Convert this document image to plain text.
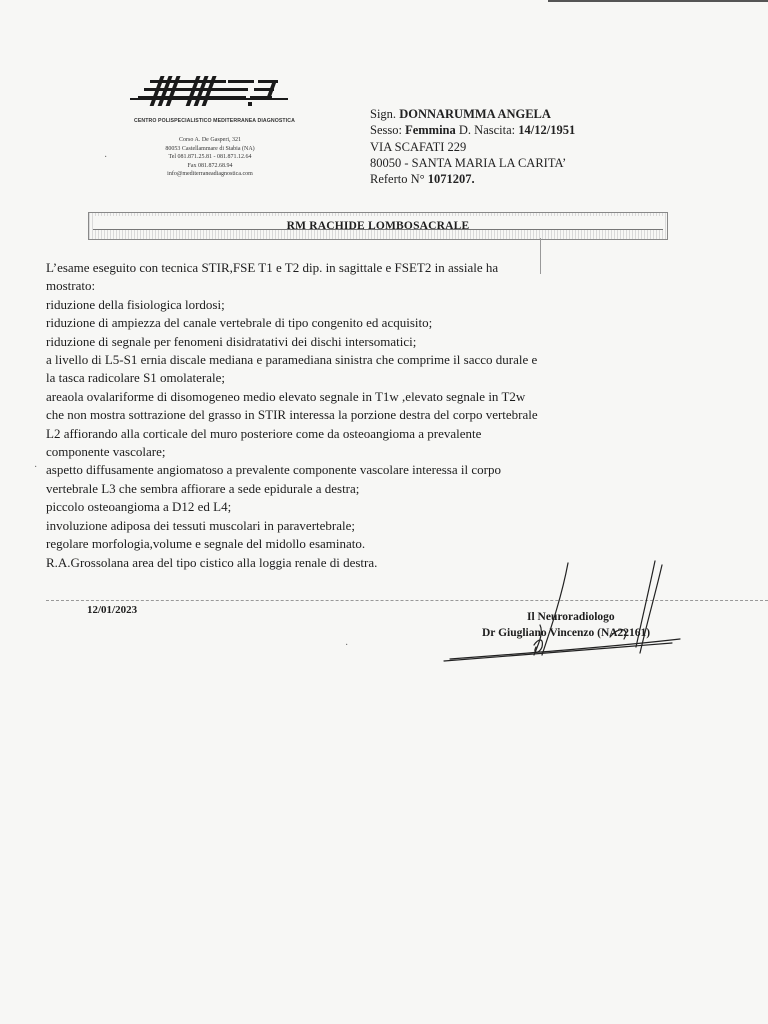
CENTRO POLISPECIALISTICO MEDITERRANEA DIAGNOSTICA
Corso A. De Gasperi, 321
80053 Castellammare di Stabia (NA)
Tel 081.871.25.81 - 081.871.12.64
Fax 081.872.68.94
info@mediterraneadiagnostica.com
Sign. DONNARUMMA ANGELA
Sesso: Femmina D. Nascita: 14/12/1951
VIA SCAFATI 229
80050 - SANTA MARIA LA CARITA’
Referto N° 1071207.
RM RACHIDE LOMBOSACRALE
L’esame eseguito con tecnica STIR,FSE T1 e T2 dip. in sagittale e FSET2 in assiale ha
mostrato:
riduzione della fisiologica lordosi;
riduzione di ampiezza del canale vertebrale di tipo congenito ed acquisito;
riduzione di segnale per fenomeni disidratativi dei dischi intersomatici;
a livello di L5-S1 ernia discale mediana e paramediana sinistra che comprime il sacco durale e
la tasca radicolare S1 omolaterale;
areaola ovalariforme di disomogeneo medio elevato segnale in T1w ,elevato segnale in T2w
che non mostra sottrazione del grasso in STIR interessa la porzione destra del corpo vertebrale
L2 affiorando alla corticale del muro posteriore come da osteoangioma a prevalente
componente vascolare;
aspetto diffusamente angiomatoso a prevalente componente vascolare interessa il corpo
vertebrale L3 che sembra affiorare a sede epidurale a destra;
piccolo osteoangioma a D12 ed L4;
involuzione adiposa dei tessuti muscolari in paravertebrale;
regolare morfologia,volume e segnale del midollo esaminato.
R.A.Grossolana area del tipo cistico alla loggia renale di destra.
12/01/2023
Il Neuroradiologo
Dr Giugliano Vincenzo (NA22161)
·
·
·
